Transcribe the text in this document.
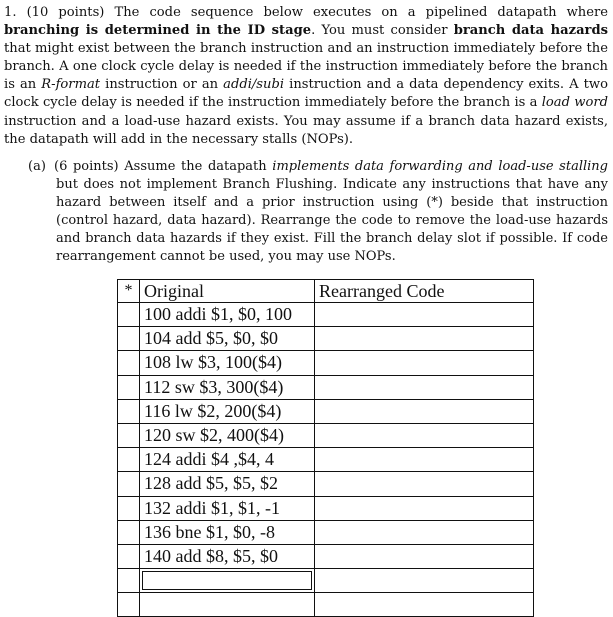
1. (10 points) The code sequence below executes on a pipelined datapath where branching is determined in the ID stage. You must consider branch data hazards that might exist between the branch instruction and an instruction immediately before the branch. A one clock cycle delay is needed if the instruction immediately before the branch is an R-format instruction or an addi/subi instruction and a data dependency exits. A two clock cycle delay is needed if the instruction immediately before the branch is a load word instruction and a load-use hazard exists. You may assume if a branch data hazard exists, the datapath will add in the necessary stalls (NOPs).
(a) (6 points) Assume the datapath implements data forwarding and load-use stalling but does not implement Branch Flushing. Indicate any instructions that have any hazard between itself and a prior instruction using (*) beside that instruction (control hazard, data hazard). Rearrange the code to remove the load-use hazards and branch data hazards if they exist. Fill the branch delay slot if possible. If code rearrangement cannot be used, you may use NOPs.
*	Original	Rearranged Code
	100 addi $1, $0, 100	
	104 add $5, $0, $0	
	108 lw $3, 100($4)	
	112 sw $3, 300($4)	
	116 lw $2, 200($4)	
	120 sw $2, 400($4)	
	124 addi $4 ,$4, 4	
	128 add $5, $5, $2	
	132 addi $1, $1, -1	
	136 bne $1, $0, -8	
	140 add $8, $5, $0	
